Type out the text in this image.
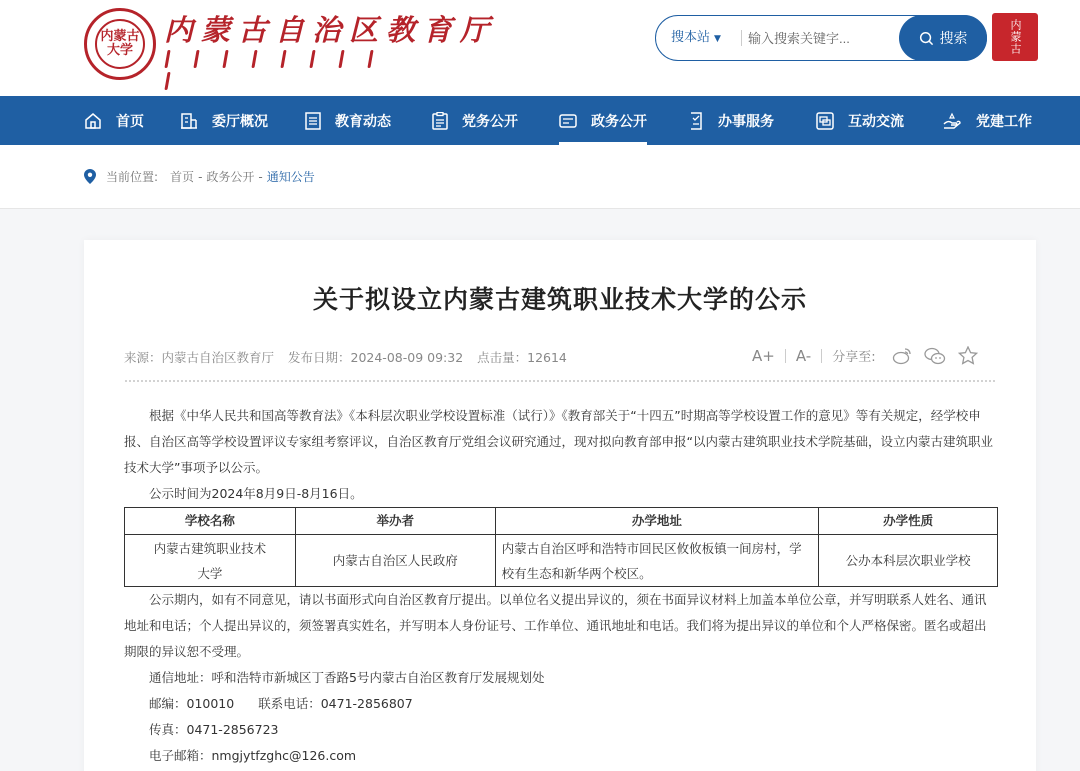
内蒙古大学
内蒙古自治区教育厅	搜本站 ▼
输入搜索关键字...	搜索	内蒙古
首页	委厅概况	教育动态	党务公开	政务公开	办事服务	互动交流	党建工作
当前位置: 首页 - 政务公开 - 通知公告
关于拟设立内蒙古建筑职业技术大学的公示
来源：内蒙古自治区教育厅 发布日期：2024-08-09 09:32 点击量：12614	A+ A- 分享至:

根据《中华人民共和国高等教育法》《本科层次职业学校设置标准（试行）》《教育部关于“十四五”时期高等学校设置工作的意见》等有关规定，经学校申报、自治区高等学校设置评议专家组考察评议，自治区教育厅党组会议研究通过，现对拟向教育部申报“以内蒙古建筑职业技术学院基础，设立内蒙古建筑职业技术大学”事项予以公示。

公示时间为2024年8月9日-8月16日。

学校名称	举办者	办学地址	办学性质
内蒙古建筑职业技术大学	内蒙古自治区人民政府	内蒙古自治区呼和浩特市回民区攸攸板镇一间房村，学校有生态和新华两个校区。	公办本科层次职业学校

公示期内，如有不同意见，请以书面形式向自治区教育厅提出。以单位名义提出异议的，须在书面异议材料上加盖本单位公章，并写明联系人姓名、通讯地址和电话；个人提出异议的，须签署真实姓名，并写明本人身份证号、工作单位、通讯地址和电话。我们将为提出异议的单位和个人严格保密。匿名或超出期限的异议恕不受理。

通信地址：呼和浩特市新城区丁香路5号内蒙古自治区教育厅发展规划处

邮编：010010 联系电话：0471-2856807

传真：0471-2856723

电子邮箱：nmgjytfzghc@126.com
